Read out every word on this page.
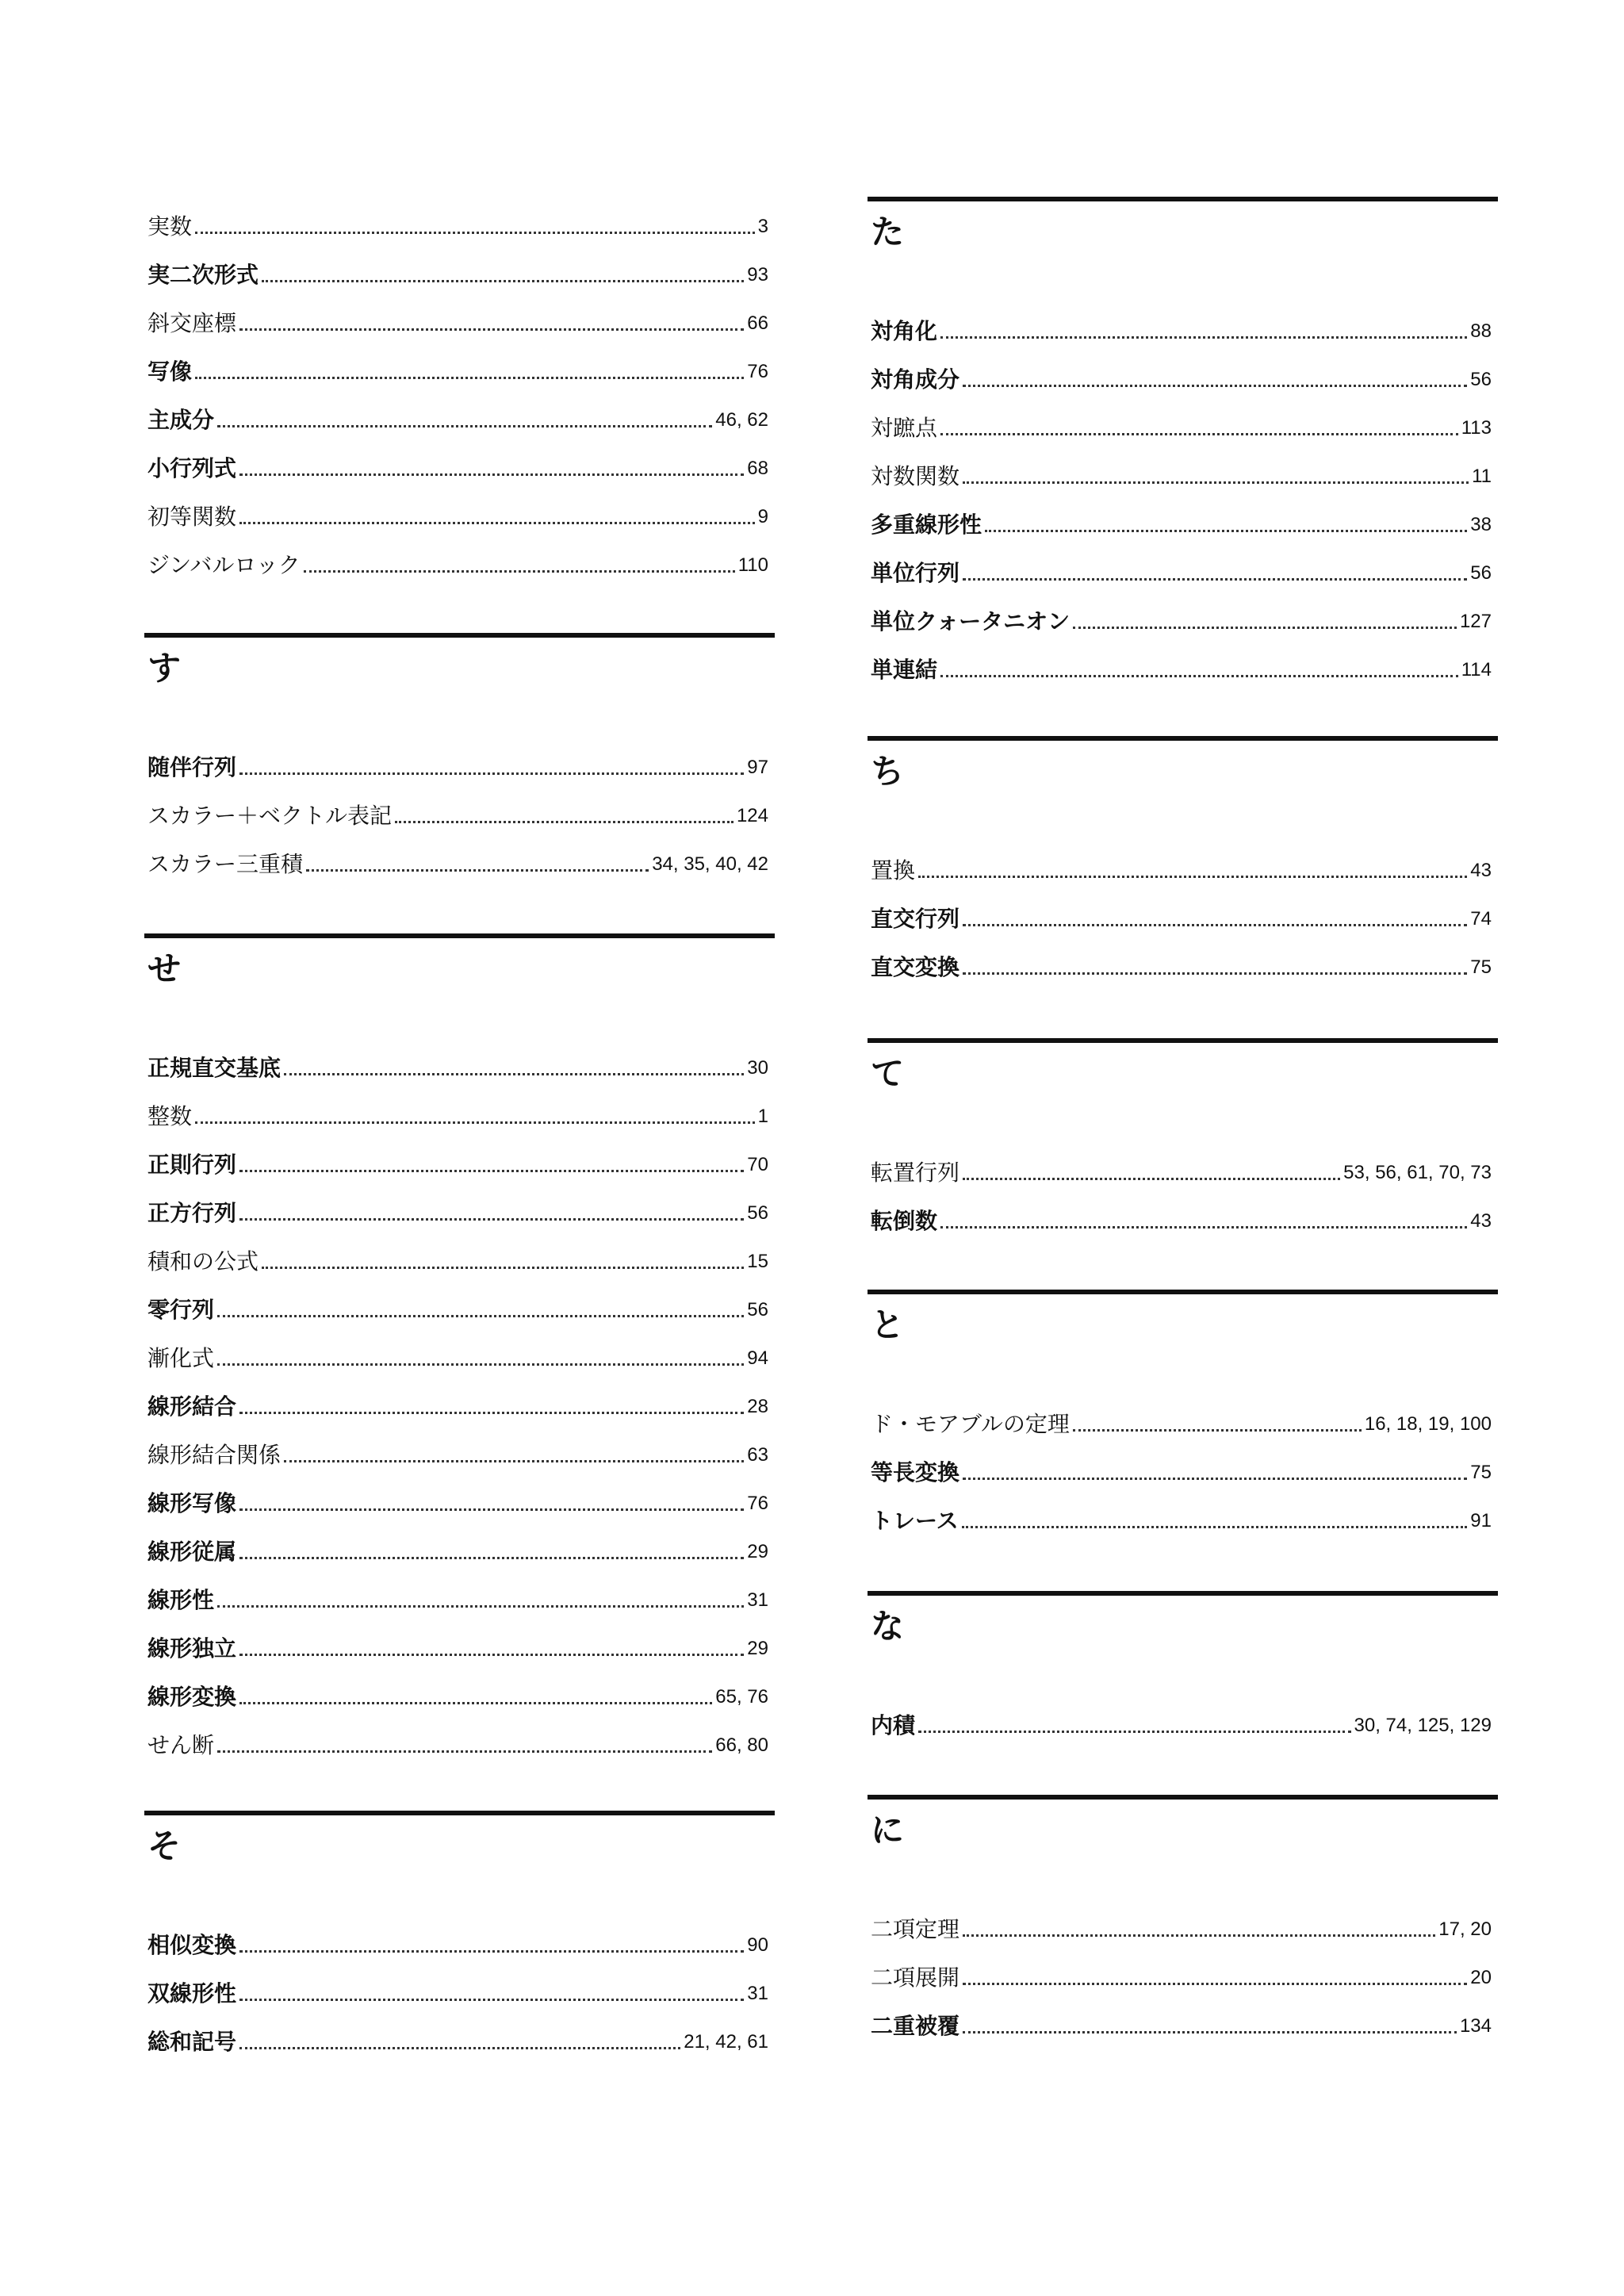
実数	3
実二次形式	93
斜交座標	66
写像	76
主成分	46, 62
小行列式	68
初等関数	9
ジンバルロック	110
す
随伴行列	97
スカラー＋ベクトル表記	124
スカラー三重積	34, 35, 40, 42
せ
正規直交基底	30
整数	1
正則行列	70
正方行列	56
積和の公式	15
零行列	56
漸化式	94
線形結合	28
線形結合関係	63
線形写像	76
線形従属	29
線形性	31
線形独立	29
線形変換	65, 76
せん断	66, 80
そ
相似変換	90
双線形性	31
総和記号	21, 42, 61
た
対角化	88
対角成分	56
対蹠点	113
対数関数	11
多重線形性	38
単位行列	56
単位クォータニオン	127
単連結	114
ち
置換	43
直交行列	74
直交変換	75
て
転置行列	53, 56, 61, 70, 73
転倒数	43
と
ド・モアブルの定理	16, 18, 19, 100
等長変換	75
トレース	91
な
内積	30, 74, 125, 129
に
二項定理	17, 20
二項展開	20
二重被覆	134
